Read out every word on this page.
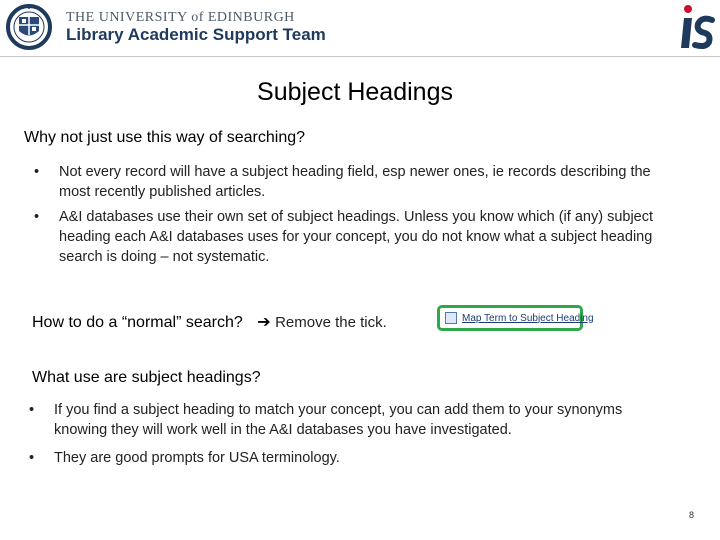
THE UNIVERSITY of EDINBURGH
Library Academic Support Team
Subject Headings
Why not just use this way of searching?
• Not every record will have a subject heading field, esp newer ones, ie records describing the most recently published articles.
• A&I databases use their own set of subject headings. Unless you know which (if any) subject heading each A&I databases uses for your concept, you do not know what a subject heading search is doing – not systematic.
How to do a “normal” search? ➔ Remove the tick.	Map Term to Subject Heading
What use are subject headings?
• If you find a subject heading to match your concept, you can add them to your synonyms knowing they will work well in the A&I databases you have investigated.
• They are good prompts for USA terminology.
8
